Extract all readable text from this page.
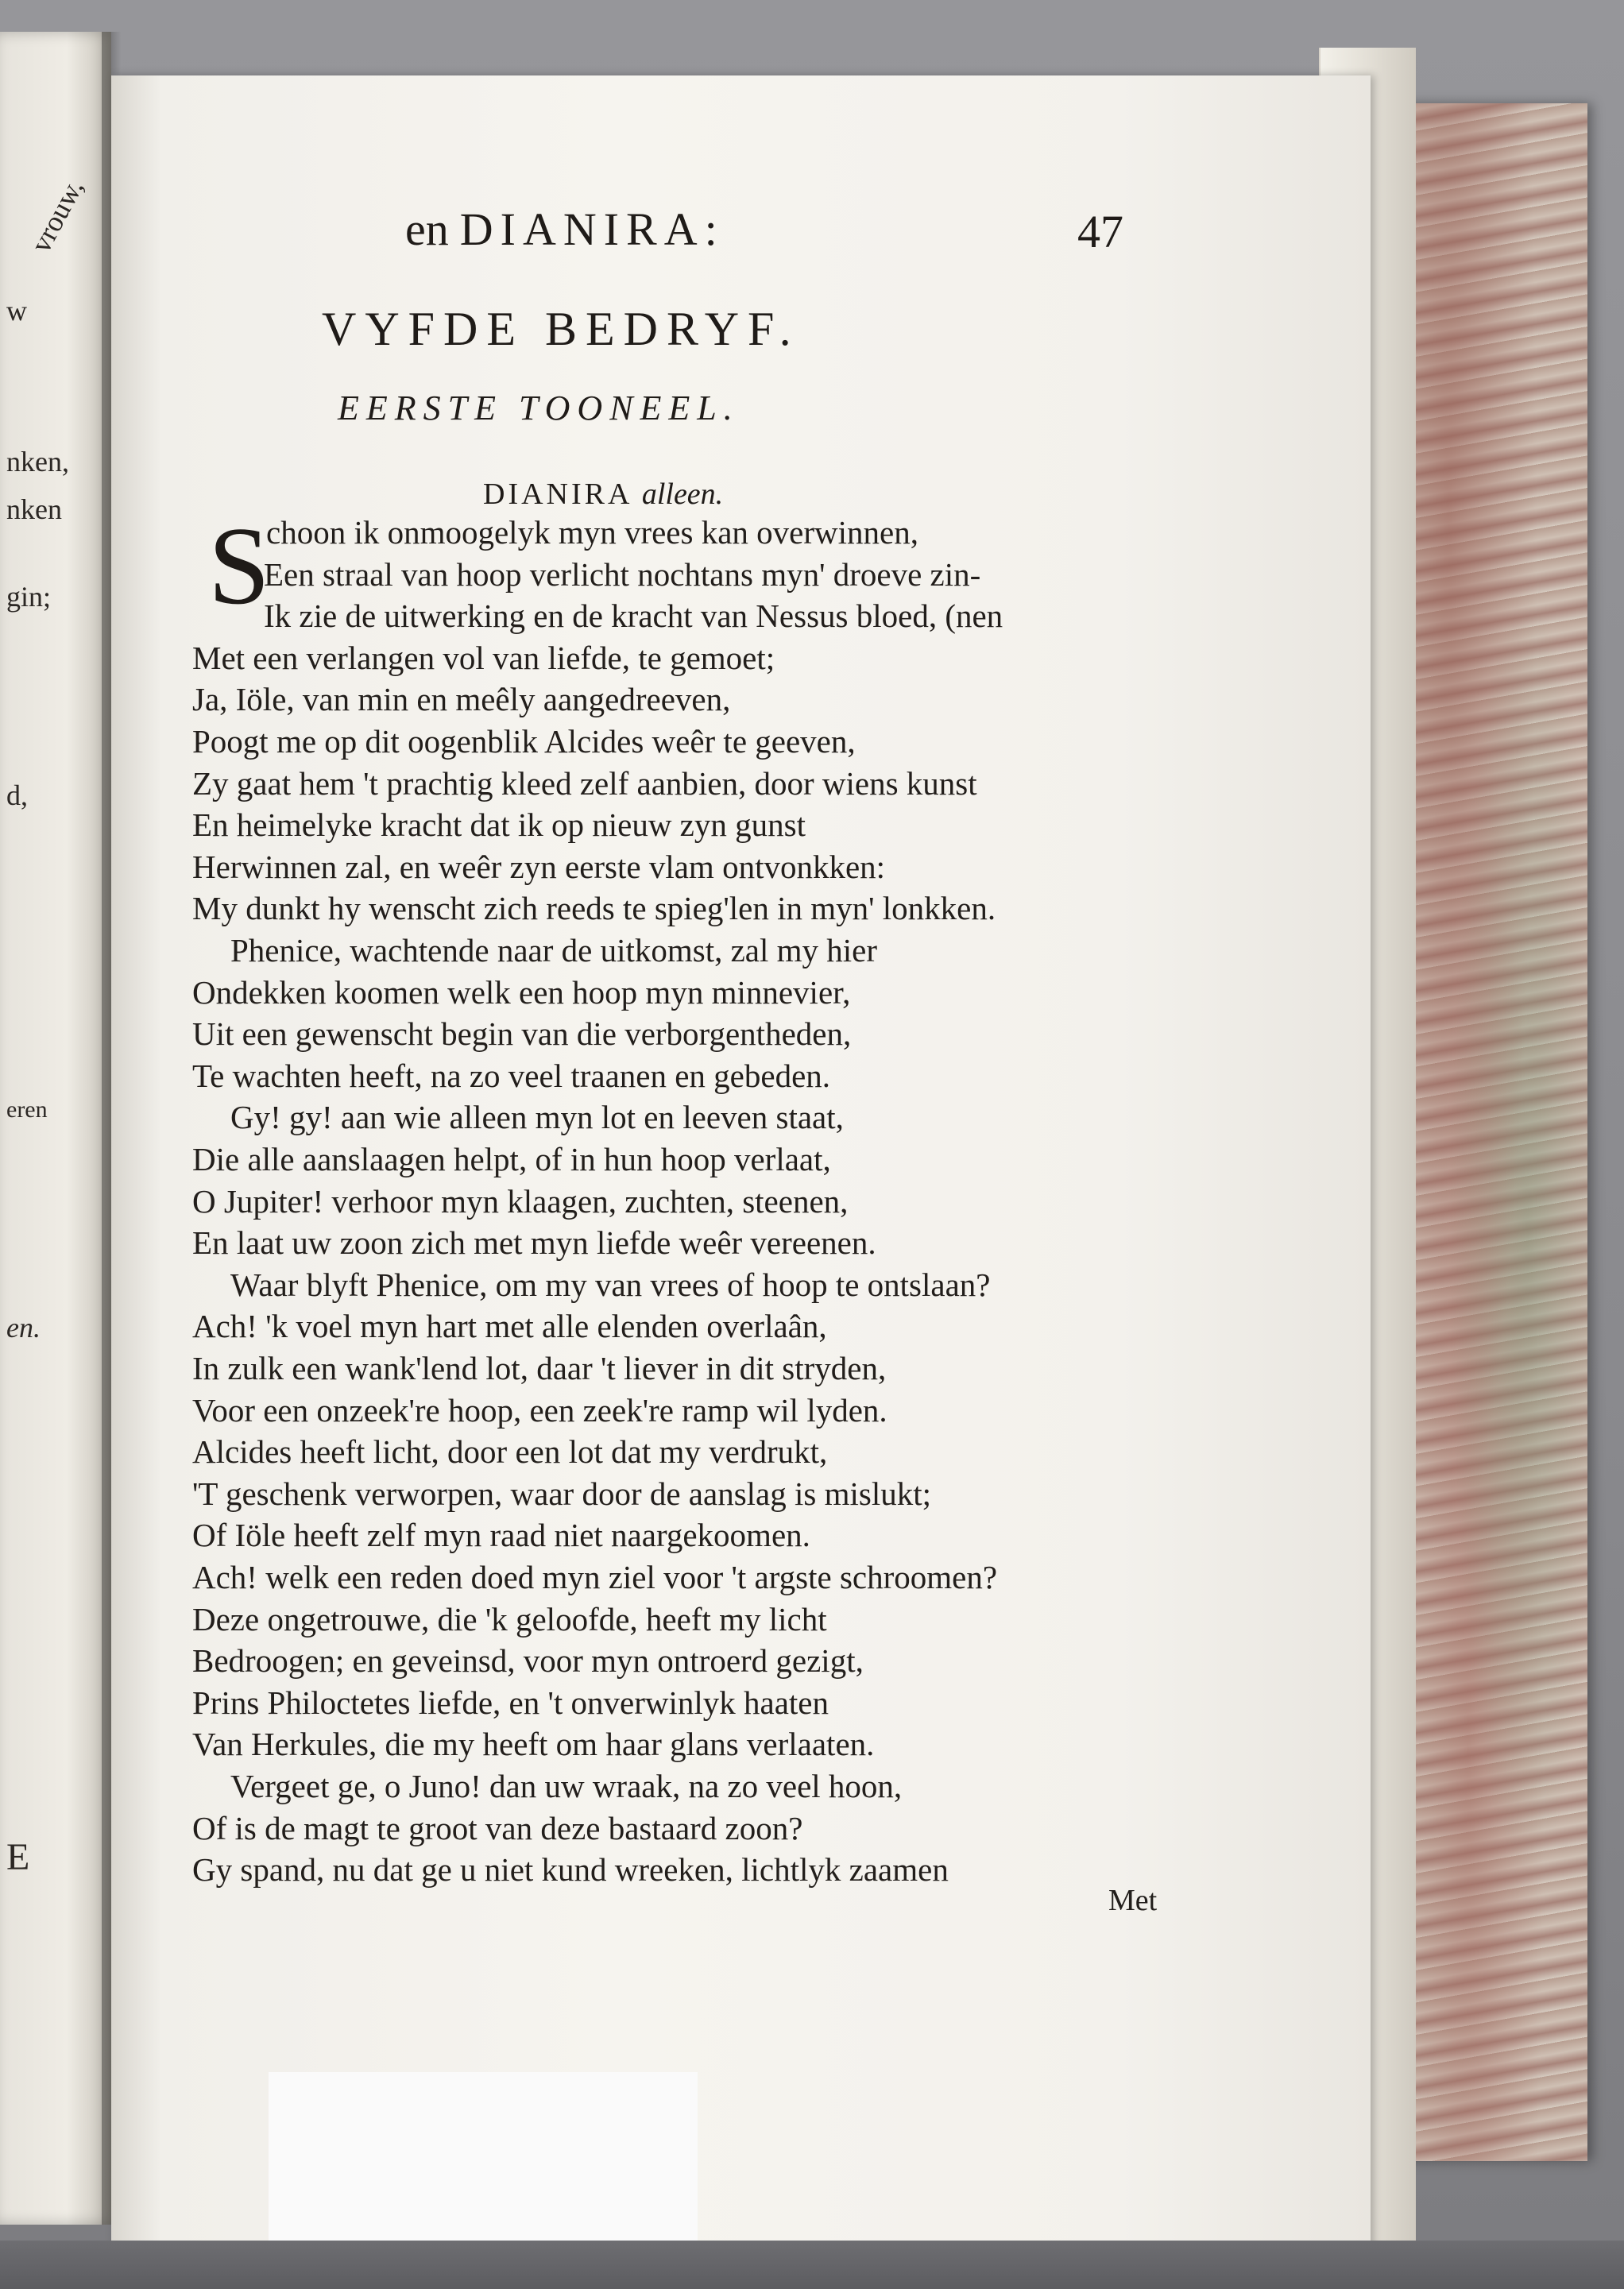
vrouw,
w
nken,
nken
gin;
d,
eren
en.
E
en DIANIRA:	47
VYFDE BEDRYF.
EERSTE TOONEEL.
DIANIRA alleen.
S
choon ik onmoogelyk myn vrees kan overwinnen,
Een straal van hoop verlicht nochtans myn' droeve zin-
Ik zie de uitwerking en de kracht van Nessus bloed, (nen
Met een verlangen vol van liefde, te gemoet;
Ja, Iöle, van min en meêly aangedreeven,
Poogt me op dit oogenblik Alcides weêr te geeven,
Zy gaat hem 't prachtig kleed zelf aanbien, door wiens kunst
En heimelyke kracht dat ik op nieuw zyn gunst
Herwinnen zal, en weêr zyn eerste vlam ontvonkken:
My dunkt hy wenscht zich reeds te spieg'len in myn' lonkken.
Phenice, wachtende naar de uitkomst, zal my hier
Ondekken koomen welk een hoop myn minnevier,
Uit een gewenscht begin van die verborgentheden,
Te wachten heeft, na zo veel traanen en gebeden.
Gy! gy! aan wie alleen myn lot en leeven staat,
Die alle aanslaagen helpt, of in hun hoop verlaat,
O Jupiter! verhoor myn klaagen, zuchten, steenen,
En laat uw zoon zich met myn liefde weêr vereenen.
Waar blyft Phenice, om my van vrees of hoop te ontslaan?
Ach! 'k voel myn hart met alle elenden overlaân,
In zulk een wank'lend lot, daar 't liever in dit stryden,
Voor een onzeek're hoop, een zeek're ramp wil lyden.
Alcides heeft licht, door een lot dat my verdrukt,
'T geschenk verworpen, waar door de aanslag is mislukt;
Of Iöle heeft zelf myn raad niet naargekoomen.
Ach! welk een reden doed myn ziel voor 't argste schroomen?
Deze ongetrouwe, die 'k geloofde, heeft my licht
Bedroogen; en geveinsd, voor myn ontroerd gezigt,
Prins Philoctetes liefde, en 't onverwinlyk haaten
Van Herkules, die my heeft om haar glans verlaaten.
Vergeet ge, o Juno! dan uw wraak, na zo veel hoon,
Of is de magt te groot van deze bastaard zoon?
Gy spand, nu dat ge u niet kund wreeken, lichtlyk zaamen
Met
